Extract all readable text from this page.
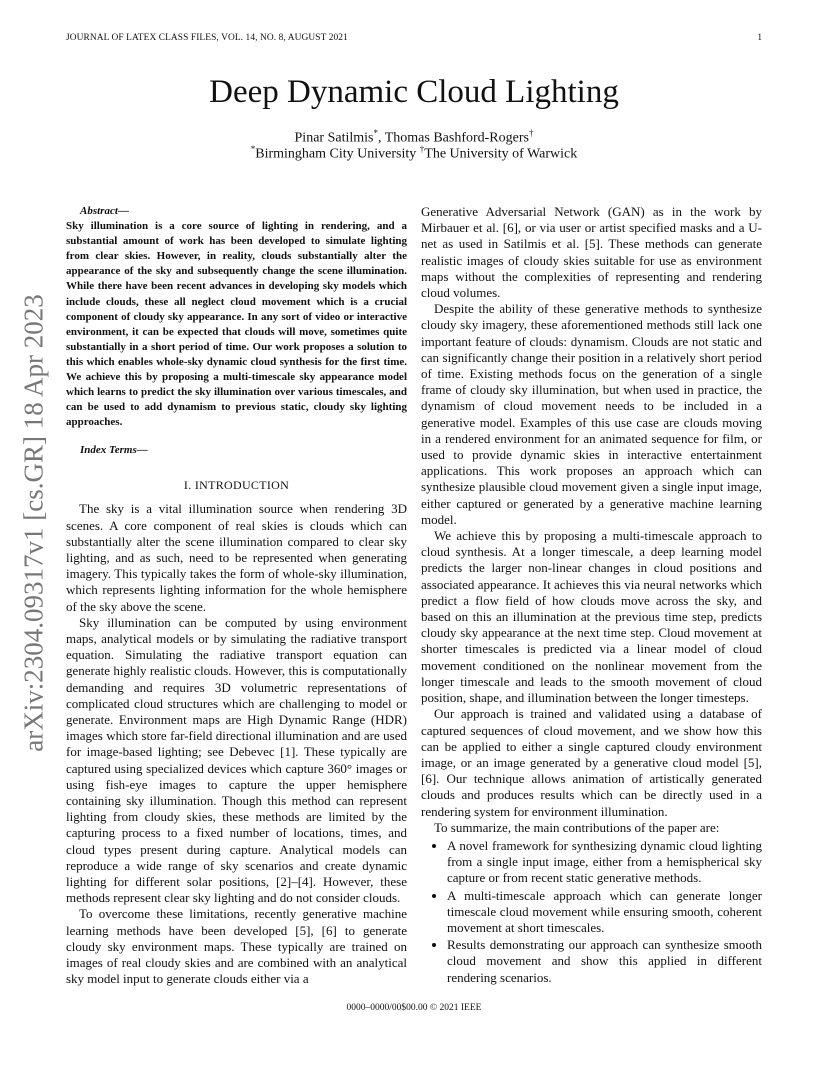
JOURNAL OF LATEX CLASS FILES, VOL. 14, NO. 8, AUGUST 2021	1
arXiv:2304.09317v1 [cs.GR] 18 Apr 2023
Deep Dynamic Cloud Lighting
Pinar Satilmis*, Thomas Bashford-Rogers†
*Birmingham City University †The University of Warwick
Abstract—
Sky illumination is a core source of lighting in rendering, and a substantial amount of work has been developed to simulate lighting from clear skies. However, in reality, clouds substantially alter the appearance of the sky and subsequently change the scene illumination. While there have been recent advances in developing sky models which include clouds, these all neglect cloud movement which is a crucial component of cloudy sky appearance. In any sort of video or interactive environment, it can be expected that clouds will move, sometimes quite substantially in a short period of time. Our work proposes a solution to this which enables whole-sky dynamic cloud synthesis for the first time. We achieve this by proposing a multi-timescale sky appearance model which learns to predict the sky illumination over various timescales, and can be used to add dynamism to previous static, cloudy sky lighting approaches.
Index Terms—
I. INTRODUCTION

The sky is a vital illumination source when rendering 3D scenes. A core component of real skies is clouds which can substantially alter the scene illumination compared to clear sky lighting, and as such, need to be represented when generating imagery. This typically takes the form of whole-sky illumination, which represents lighting information for the whole hemisphere of the sky above the scene.

Sky illumination can be computed by using environment maps, analytical models or by simulating the radiative transport equation. Simulating the radiative transport equation can generate highly realistic clouds. However, this is computationally demanding and requires 3D volumetric representations of complicated cloud structures which are challenging to model or generate. Environment maps are High Dynamic Range (HDR) images which store far-field directional illumination and are used for image-based lighting; see Debevec [1]. These typically are captured using specialized devices which capture 360° images or using fish-eye images to capture the upper hemisphere containing sky illumination. Though this method can represent lighting from cloudy skies, these methods are limited by the capturing process to a fixed number of locations, times, and cloud types present during capture. Analytical models can reproduce a wide range of sky scenarios and create dynamic lighting for different solar positions, [2]–[4]. However, these methods represent clear sky lighting and do not consider clouds.

To overcome these limitations, recently generative machine learning methods have been developed [5], [6] to generate cloudy sky environment maps. These typically are trained on images of real cloudy skies and are combined with an analytical sky model input to generate clouds either via a

Generative Adversarial Network (GAN) as in the work by Mirbauer et al. [6], or via user or artist specified masks and a U-net as used in Satilmis et al. [5]. These methods can generate realistic images of cloudy skies suitable for use as environment maps without the complexities of representing and rendering cloud volumes.

Despite the ability of these generative methods to synthesize cloudy sky imagery, these aforementioned methods still lack one important feature of clouds: dynamism. Clouds are not static and can significantly change their position in a relatively short period of time. Existing methods focus on the generation of a single frame of cloudy sky illumination, but when used in practice, the dynamism of cloud movement needs to be included in a generative model. Examples of this use case are clouds moving in a rendered environment for an animated sequence for film, or used to provide dynamic skies in interactive entertainment applications. This work proposes an approach which can synthesize plausible cloud movement given a single input image, either captured or generated by a generative machine learning model.

We achieve this by proposing a multi-timescale approach to cloud synthesis. At a longer timescale, a deep learning model predicts the larger non-linear changes in cloud positions and associated appearance. It achieves this via neural networks which predict a flow field of how clouds move across the sky, and based on this an illumination at the previous time step, predicts cloudy sky appearance at the next time step. Cloud movement at shorter timescales is predicted via a linear model of cloud movement conditioned on the nonlinear movement from the longer timescale and leads to the smooth movement of cloud position, shape, and illumination between the longer timesteps.

Our approach is trained and validated using a database of captured sequences of cloud movement, and we show how this can be applied to either a single captured cloudy environment image, or an image generated by a generative cloud model [5], [6]. Our technique allows animation of artistically generated clouds and produces results which can be directly used in a rendering system for environment illumination.

To summarize, the main contributions of the paper are:

• A novel framework for synthesizing dynamic cloud lighting from a single input image, either from a hemispherical sky capture or from recent static generative methods.
• A multi-timescale approach which can generate longer timescale cloud movement while ensuring smooth, coherent movement at short timescales.
• Results demonstrating our approach can synthesize smooth cloud movement and show this applied in different rendering scenarios.
0000–0000/00$00.00 © 2021 IEEE
